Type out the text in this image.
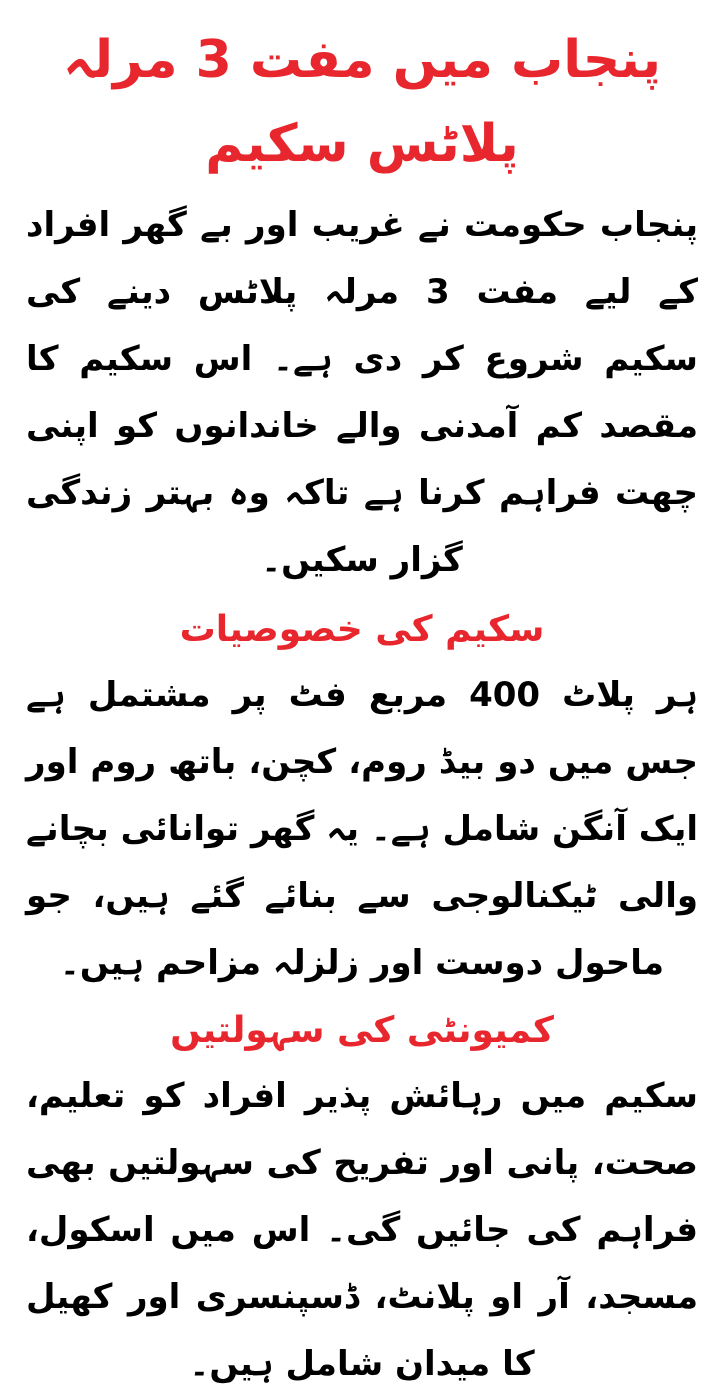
پنجاب میں مفت 3 مرلہ پلاٹس سکیم

پنجاب حکومت نے غریب اور بے گھر افراد کے لیے مفت 3 مرلہ پلاٹس دینے کی سکیم شروع کر دی ہے۔ اس سکیم کا مقصد کم آمدنی والے خاندانوں کو اپنی چھت فراہم کرنا ہے تاکہ وہ بہتر زندگی گزار سکیں۔

سکیم کی خصوصیات

ہر پلاٹ 400 مربع فٹ پر مشتمل ہے جس میں دو بیڈ روم، کچن، باتھ روم اور ایک آنگن شامل ہے۔ یہ گھر توانائی بچانے والی ٹیکنالوجی سے بنائے گئے ہیں، جو ماحول دوست اور زلزلہ مزاحم ہیں۔

کمیونٹی کی سہولتیں

سکیم میں رہائش پذیر افراد کو تعلیم، صحت، پانی اور تفریح کی سہولتیں بھی فراہم کی جائیں گی۔ اس میں اسکول، مسجد، آر او پلانٹ، ڈسپنسری اور کھیل کا میدان شامل ہیں۔
